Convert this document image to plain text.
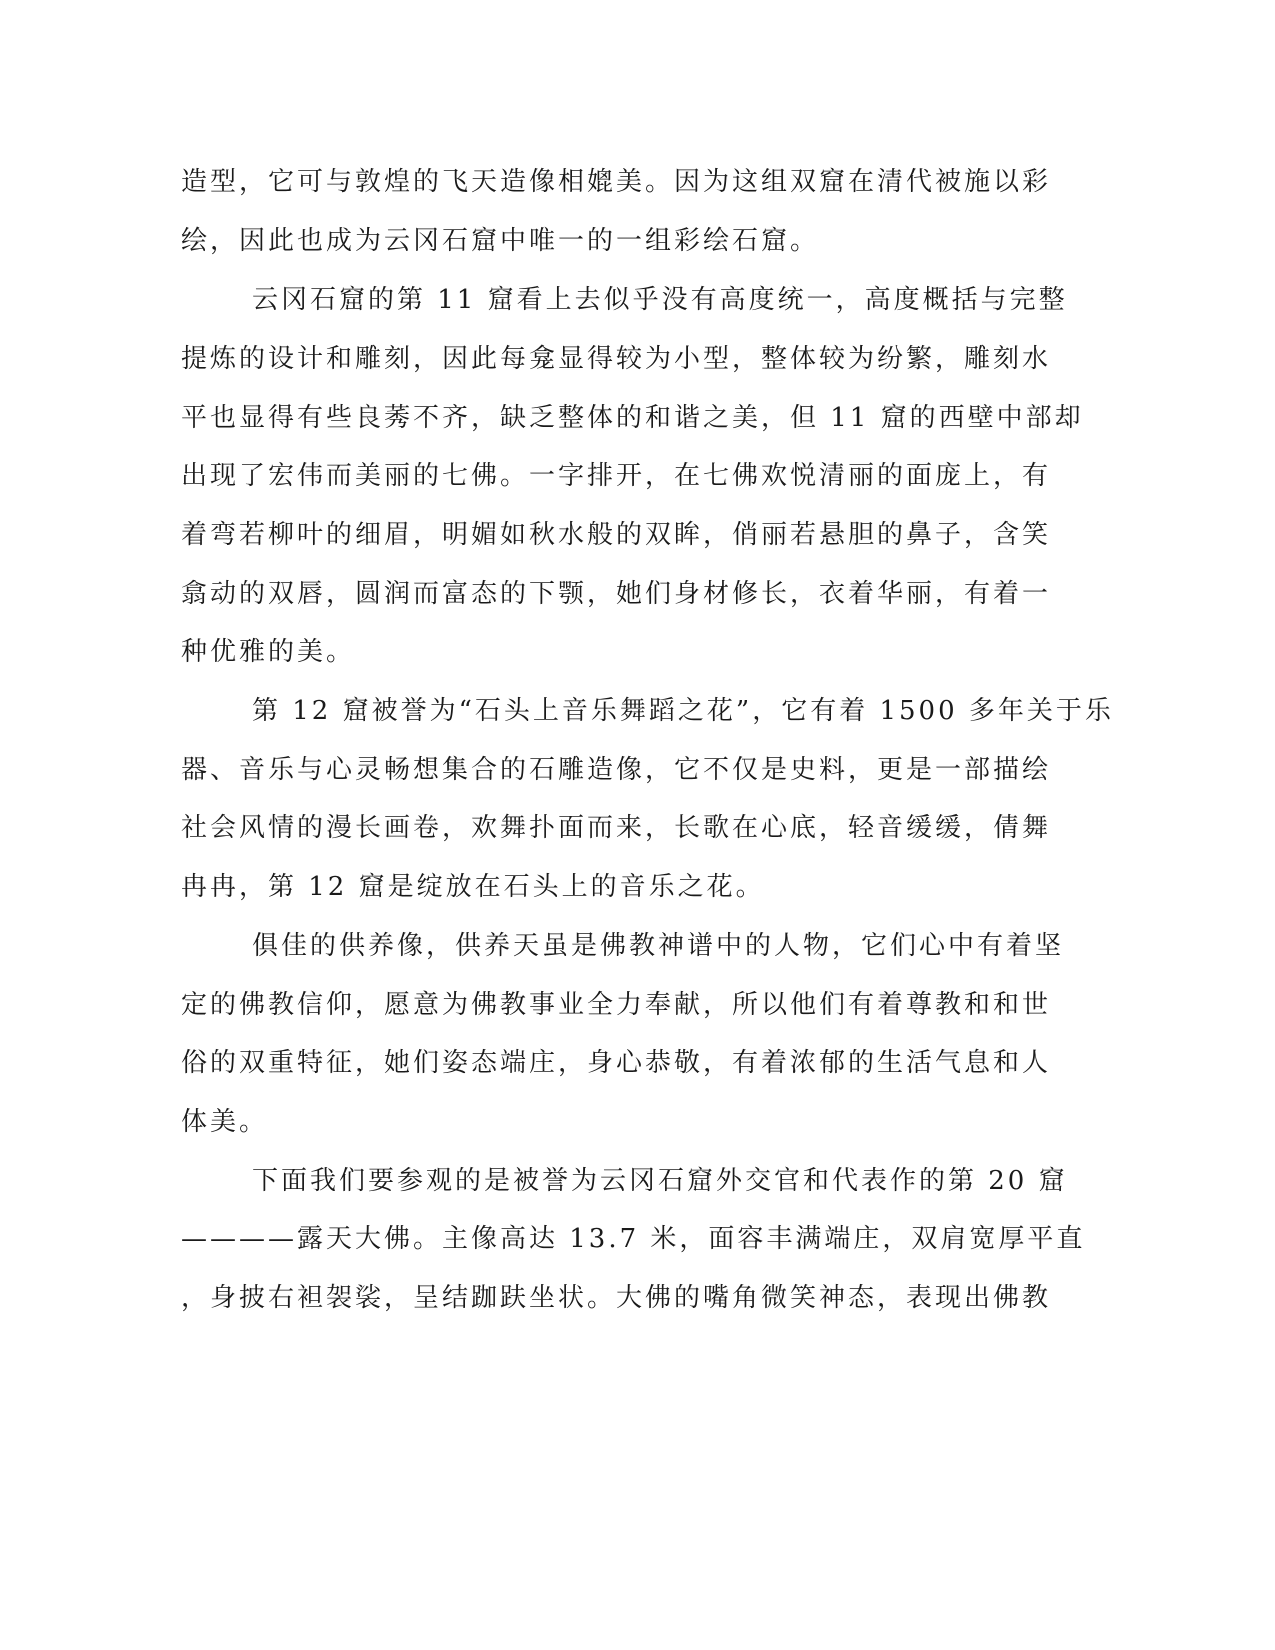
造型，它可与敦煌的飞天造像相媲美。因为这组双窟在清代被施以彩
绘，因此也成为云冈石窟中唯一的一组彩绘石窟。
云冈石窟的第 11 窟看上去似乎没有高度统一，高度概括与完整
提炼的设计和雕刻，因此每龛显得较为小型，整体较为纷繁，雕刻水
平也显得有些良莠不齐，缺乏整体的和谐之美，但 11 窟的西壁中部却
出现了宏伟而美丽的七佛。一字排开，在七佛欢悦清丽的面庞上，有
着弯若柳叶的细眉，明媚如秋水般的双眸，俏丽若悬胆的鼻子，含笑
翕动的双唇，圆润而富态的下颚，她们身材修长，衣着华丽，有着一
种优雅的美。
第 12 窟被誉为“石头上音乐舞蹈之花”，它有着 1500 多年关于乐
器、音乐与心灵畅想集合的石雕造像，它不仅是史料，更是一部描绘
社会风情的漫长画卷，欢舞扑面而来，长歌在心底，轻音缓缓，倩舞
冉冉，第 12 窟是绽放在石头上的音乐之花。
俱佳的供养像，供养天虽是佛教神谱中的人物，它们心中有着坚
定的佛教信仰，愿意为佛教事业全力奉献，所以他们有着尊教和和世
俗的双重特征，她们姿态端庄，身心恭敬，有着浓郁的生活气息和人
体美。
下面我们要参观的是被誉为云冈石窟外交官和代表作的第 20 窟
————露天大佛。主像高达 13.7 米，面容丰满端庄，双肩宽厚平直
，身披右袒袈裟，呈结跏趺坐状。大佛的嘴角微笑神态，表现出佛教
